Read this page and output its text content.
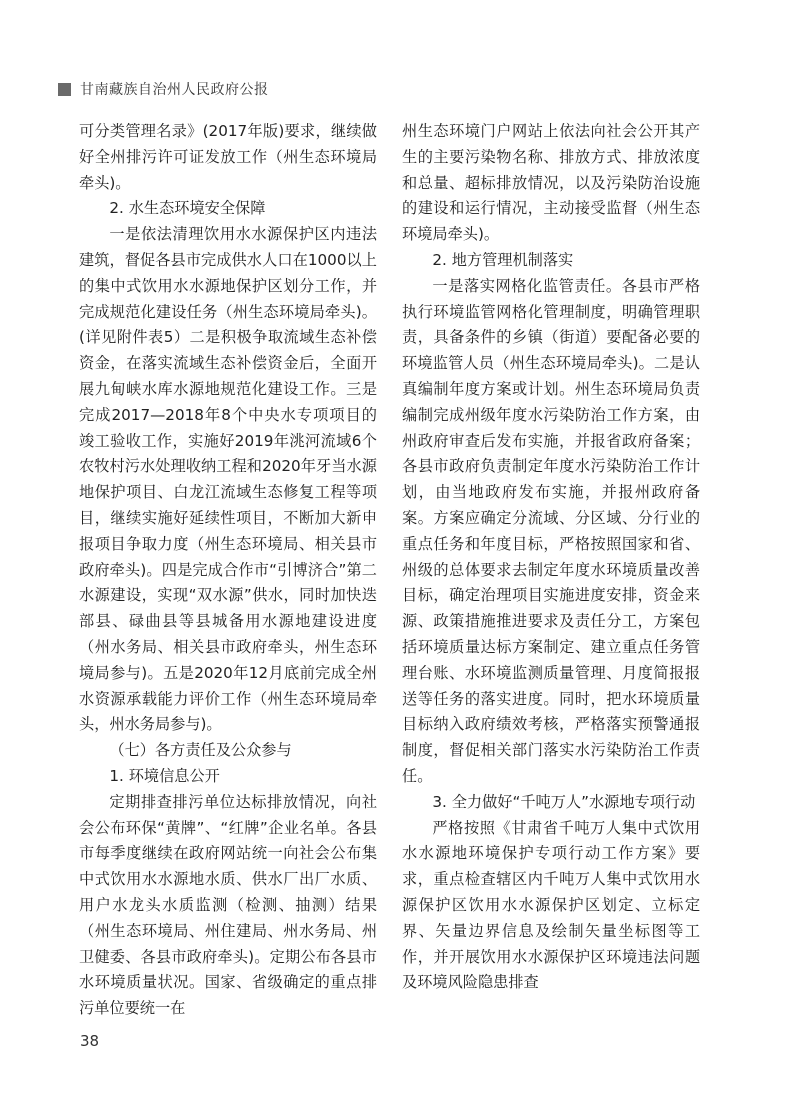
甘南藏族自治州人民政府公报

可分类管理名录》(2017年版)要求，继续做好全州排污许可证发放工作（州生态环境局牵头)。

2. 水生态环境安全保障

一是依法清理饮用水水源保护区内违法建筑，督促各县市完成供水人口在1000以上的集中式饮用水水源地保护区划分工作，并完成规范化建设任务（州生态环境局牵头)。(详见附件表5）二是积极争取流域生态补偿资金，在落实流域生态补偿资金后，全面开展九甸峡水库水源地规范化建设工作。三是完成2017—2018年8个中央水专项项目的竣工验收工作，实施好2019年洮河流域6个农牧村污水处理收纳工程和2020年牙当水源地保护项目、白龙江流域生态修复工程等项目，继续实施好延续性项目，不断加大新申报项目争取力度（州生态环境局、相关县市政府牵头)。四是完成合作市“引博济合”第二水源建设，实现“双水源”供水，同时加快迭部县、碌曲县等县城备用水源地建设进度（州水务局、相关县市政府牵头，州生态环境局参与)。五是2020年12月底前完成全州水资源承载能力评价工作（州生态环境局牵头，州水务局参与)。

（七）各方责任及公众参与

1. 环境信息公开

定期排查排污单位达标排放情况，向社会公布环保“黄牌”、“红牌”企业名单。各县市每季度继续在政府网站统一向社会公布集中式饮用水水源地水质、供水厂出厂水质、用户水龙头水质监测（检测、抽测）结果（州生态环境局、州住建局、州水务局、州卫健委、各县市政府牵头)。定期公布各县市水环境质量状况。国家、省级确定的重点排污单位要统一在

州生态环境门户网站上依法向社会公开其产生的主要污染物名称、排放方式、排放浓度和总量、超标排放情况，以及污染防治设施的建设和运行情况，主动接受监督（州生态环境局牵头)。

2. 地方管理机制落实

一是落实网格化监管责任。各县市严格执行环境监管网格化管理制度，明确管理职责，具备条件的乡镇（街道）要配备必要的环境监管人员（州生态环境局牵头)。二是认真编制年度方案或计划。州生态环境局负责编制完成州级年度水污染防治工作方案，由州政府审查后发布实施，并报省政府备案；各县市政府负责制定年度水污染防治工作计划，由当地政府发布实施，并报州政府备案。方案应确定分流域、分区域、分行业的重点任务和年度目标，严格按照国家和省、州级的总体要求去制定年度水环境质量改善目标，确定治理项目实施进度安排，资金来源、政策措施推进要求及责任分工，方案包括环境质量达标方案制定、建立重点任务管理台账、水环境监测质量管理、月度简报报送等任务的落实进度。同时，把水环境质量目标纳入政府绩效考核，严格落实预警通报制度，督促相关部门落实水污染防治工作责任。

3. 全力做好“千吨万人”水源地专项行动

严格按照《甘肃省千吨万人集中式饮用水水源地环境保护专项行动工作方案》要求，重点检查辖区内千吨万人集中式饮用水源保护区饮用水水源保护区划定、立标定界、矢量边界信息及绘制矢量坐标图等工作，并开展饮用水水源保护区环境违法问题及环境风险隐患排查

38
